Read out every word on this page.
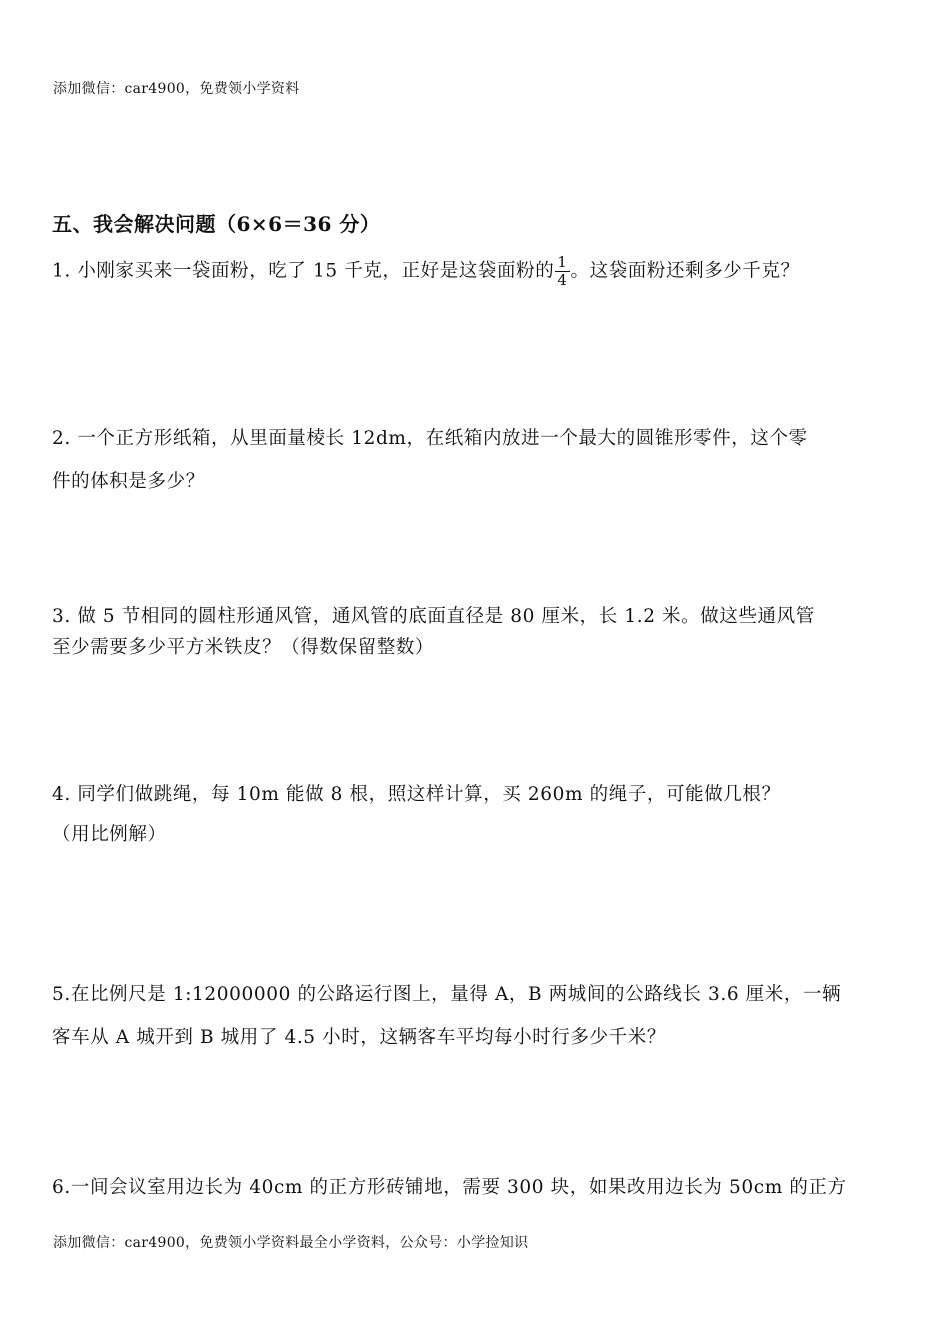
添加微信：car4900，免费领小学资料
五、我会解决问题（6×6＝36 分）
1. 小刚家买来一袋面粉，吃了 15 千克，正好是这袋面粉的 $\frac{1}{4}$ 。这袋面粉还剩多少千克？
2. 一个正方形纸箱，从里面量棱长 12dm，在纸箱内放进一个最大的圆锥形零件，这个零
件的体积是多少？
3. 做 5 节相同的圆柱形通风管，通风管的底面直径是 80 厘米，长 1.2 米。做这些通风管
至少需要多少平方米铁皮？（得数保留整数）
4. 同学们做跳绳，每 10m 能做 8 根，照这样计算，买 260m 的绳子，可能做几根？
（用比例解）
5.在比例尺是 1:12000000 的公路运行图上，量得 A，B 两城间的公路线长 3.6 厘米，一辆
客车从 A 城开到 B 城用了 4.5 小时，这辆客车平均每小时行多少千米？
6.一间会议室用边长为 40cm 的正方形砖铺地，需要 300 块，如果改用边长为 50cm 的正方
添加微信：car4900，免费领小学资料最全小学资料，公众号：小学捡知识
